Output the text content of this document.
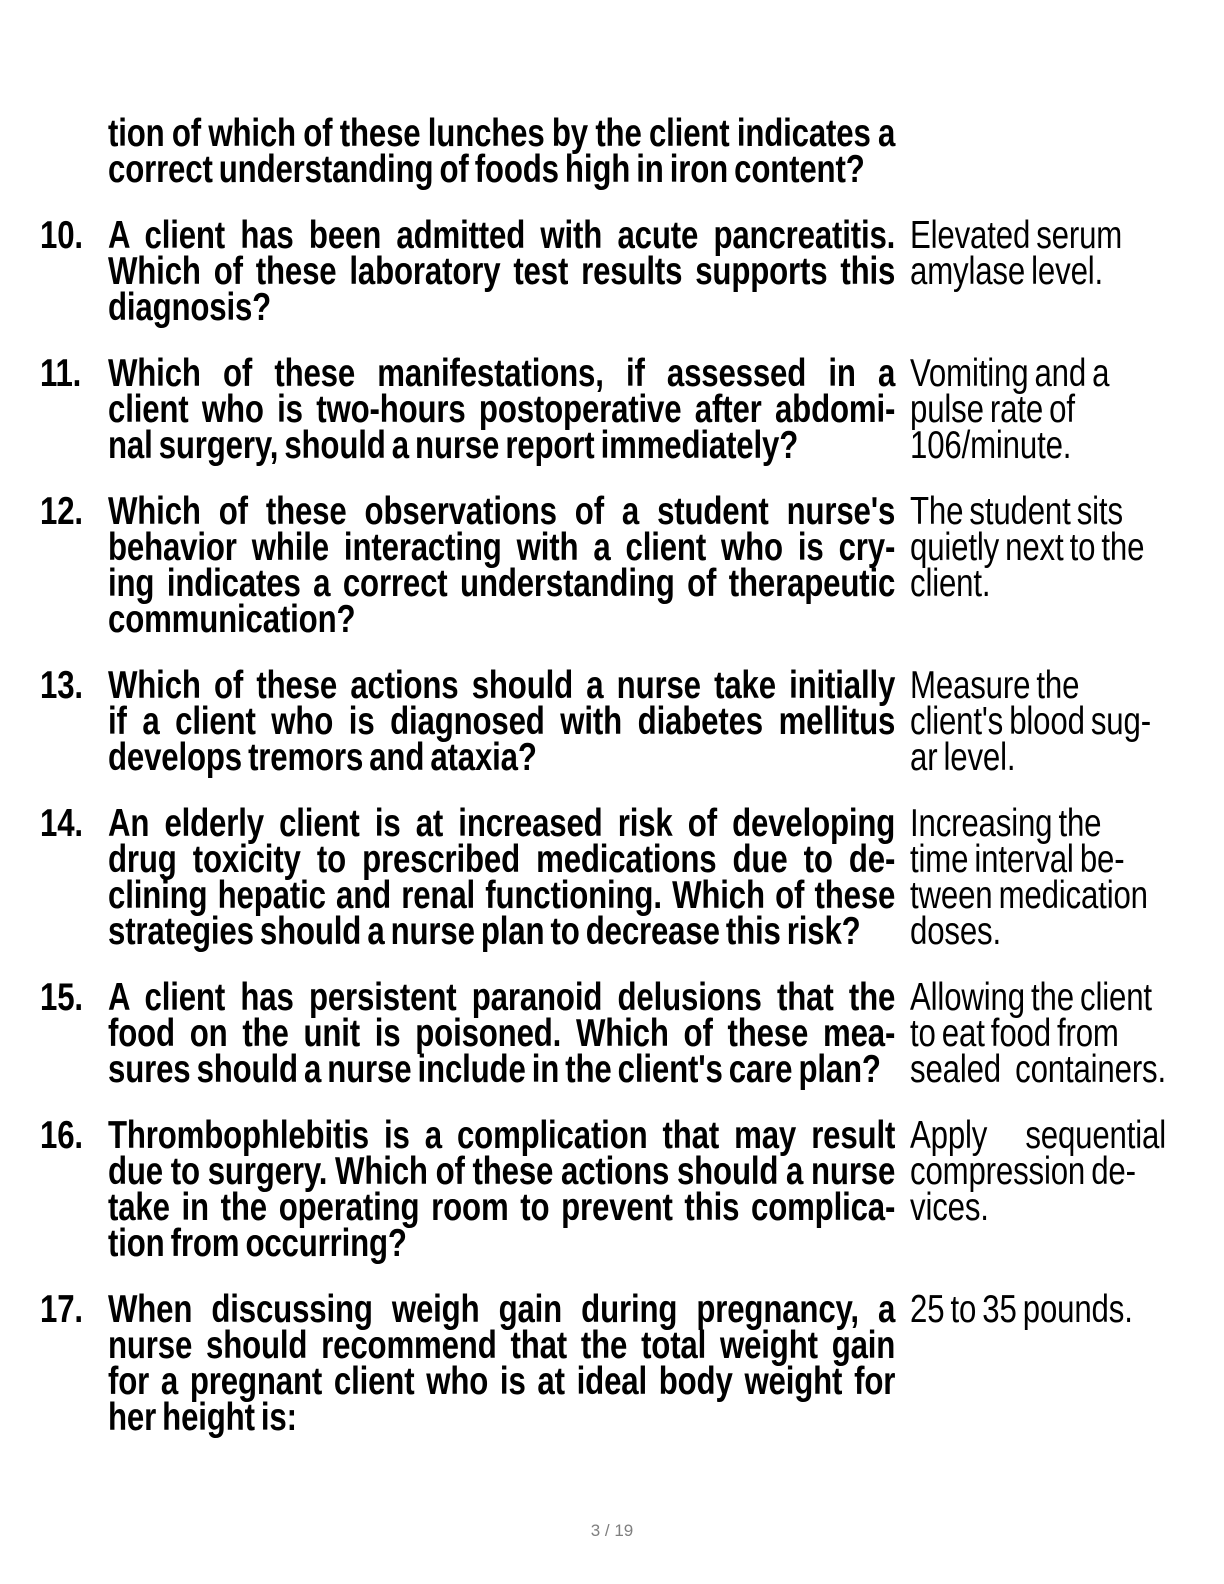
tion of which of these lunches by the client indicates a
correct understanding of foods high in iron content?
10. A client has been admitted with acute pancreatitis.
Which of these laboratory test results supports this
diagnosis?
Elevated serum
amylase level.
11. Which of these manifestations, if assessed in a
client who is two-hours postoperative after abdomi-
nal surgery, should a nurse report immediately?
Vomiting and a
pulse rate of
106/minute.
12. Which of these observations of a student nurse's
behavior while interacting with a client who is cry-
ing indicates a correct understanding of therapeutic
communication?
The student sits
quietly next to the
client.
13. Which of these actions should a nurse take initially
if a client who is diagnosed with diabetes mellitus
develops tremors and ataxia?
Measure the
client's blood sug-
ar level.
14. An elderly client is at increased risk of developing
drug toxicity to prescribed medications due to de-
clining hepatic and renal functioning. Which of these
strategies should a nurse plan to decrease this risk?
Increasing the
time interval be-
tween medication
doses.
15. A client has persistent paranoid delusions that the
food on the unit is poisoned. Which of these mea-
sures should a nurse include in the client's care plan?
Allowing the client
to eat food from
sealed containers.
16. Thrombophlebitis is a complication that may result
due to surgery. Which of these actions should a nurse
take in the operating room to prevent this complica-
tion from occurring?
Apply sequential
compression de-
vices.
17. When discussing weigh gain during pregnancy, a
nurse should recommend that the total weight gain
for a pregnant client who is at ideal body weight for
her height is:
25 to 35 pounds.
3 / 19
